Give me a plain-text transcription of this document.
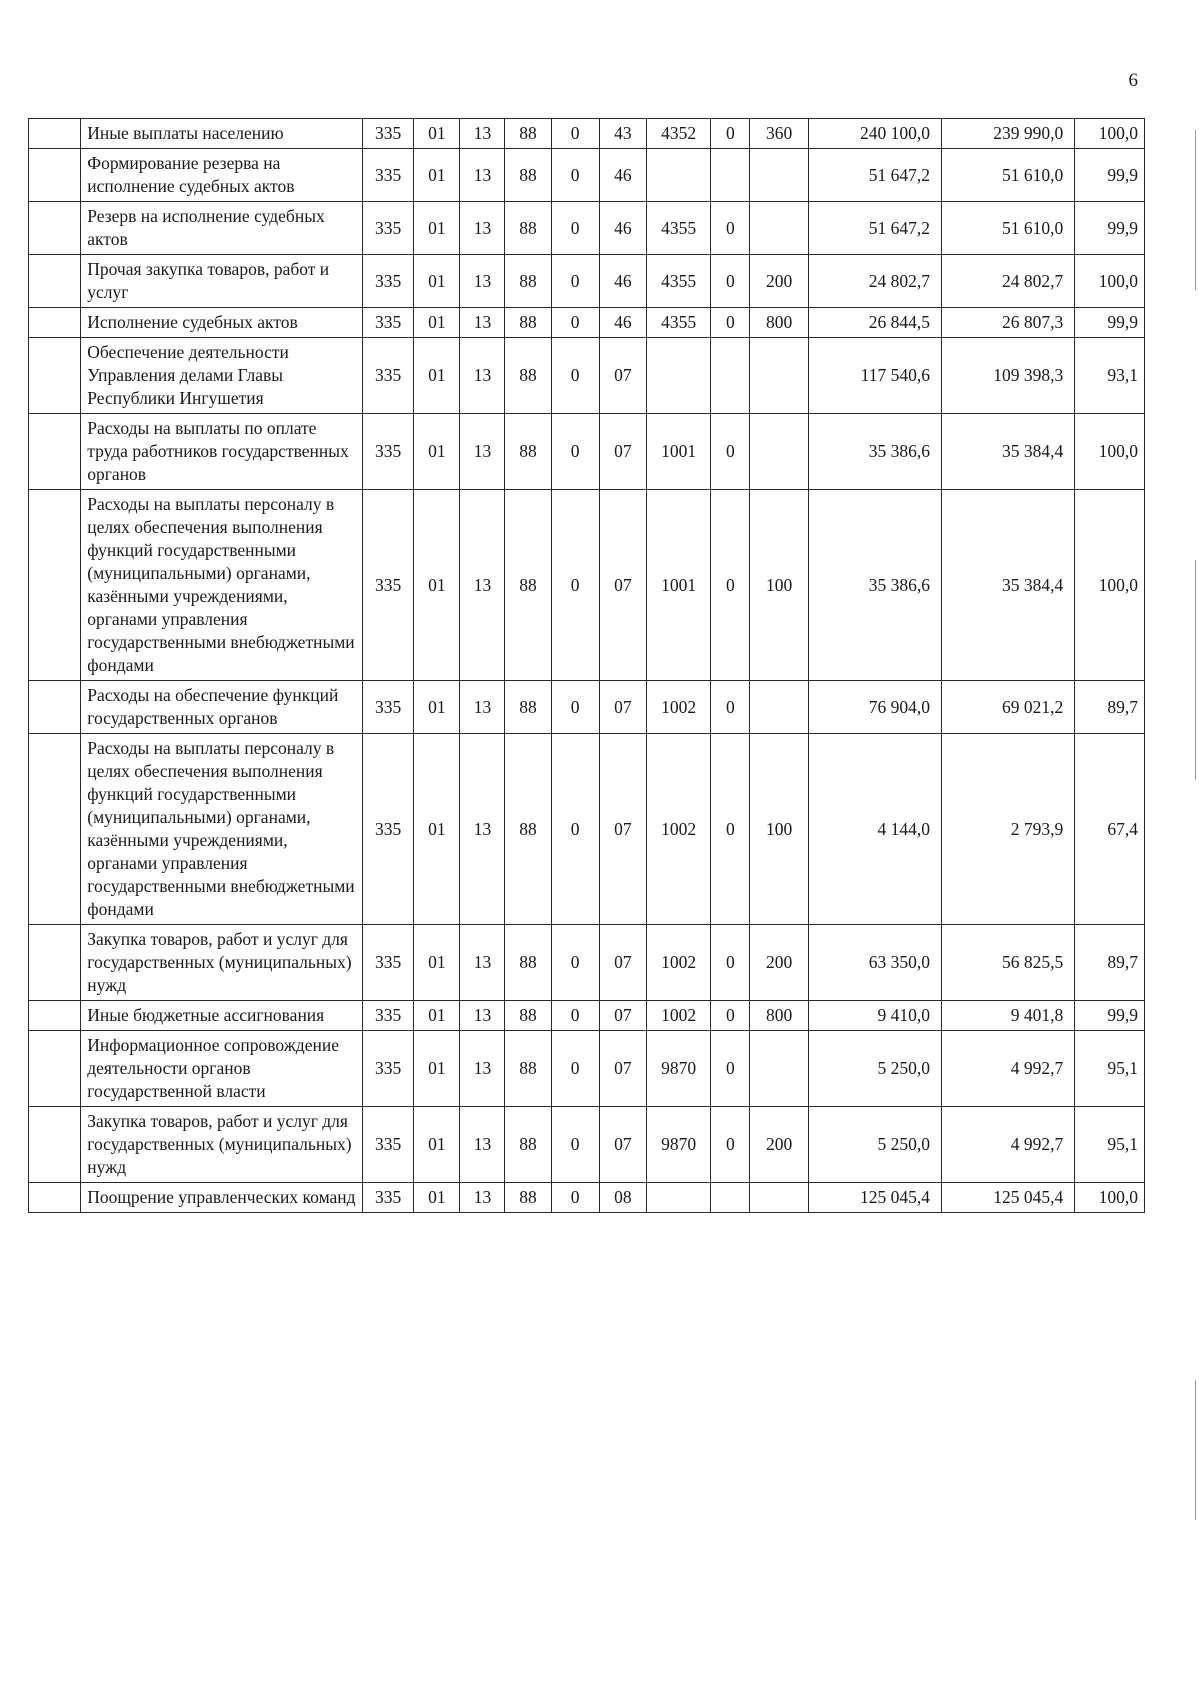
6
	Иные выплаты населению	335	01	13	88	0	43	4352	0	360	240 100,0	239 990,0	100,0
	Формирование резерва на исполнение судебных актов	335	01	13	88	0	46				51 647,2	51 610,0	99,9
	Резерв на исполнение судебных актов	335	01	13	88	0	46	4355	0		51 647,2	51 610,0	99,9
	Прочая закупка товаров, работ и услуг	335	01	13	88	0	46	4355	0	200	24 802,7	24 802,7	100,0
	Исполнение судебных актов	335	01	13	88	0	46	4355	0	800	26 844,5	26 807,3	99,9
	Обеспечение деятельности Управления делами Главы Республики Ингушетия	335	01	13	88	0	07				117 540,6	109 398,3	93,1
	Расходы на выплаты по оплате труда работников государственных органов	335	01	13	88	0	07	1001	0		35 386,6	35 384,4	100,0
	Расходы на выплаты персоналу в целях обеспечения выполнения функций государственными (муниципальными) органами, казёнными учреждениями, органами управления государственными внебюджетными фондами	335	01	13	88	0	07	1001	0	100	35 386,6	35 384,4	100,0
	Расходы на обеспечение функций государственных органов	335	01	13	88	0	07	1002	0		76 904,0	69 021,2	89,7
	Расходы на выплаты персоналу в целях обеспечения выполнения функций государственными (муниципальными) органами, казёнными учреждениями, органами управления государственными внебюджетными фондами	335	01	13	88	0	07	1002	0	100	4 144,0	2 793,9	67,4
	Закупка товаров, работ и услуг для государственных (муниципальных) нужд	335	01	13	88	0	07	1002	0	200	63 350,0	56 825,5	89,7
	Иные бюджетные ассигнования	335	01	13	88	0	07	1002	0	800	9 410,0	9 401,8	99,9
	Информационное сопровождение деятельности органов государственной власти	335	01	13	88	0	07	9870	0		5 250,0	4 992,7	95,1
	Закупка товаров, работ и услуг для государственных (муниципальных) нужд	335	01	13	88	0	07	9870	0	200	5 250,0	4 992,7	95,1
	Поощрение управленческих команд	335	01	13	88	0	08				125 045,4	125 045,4	100,0
